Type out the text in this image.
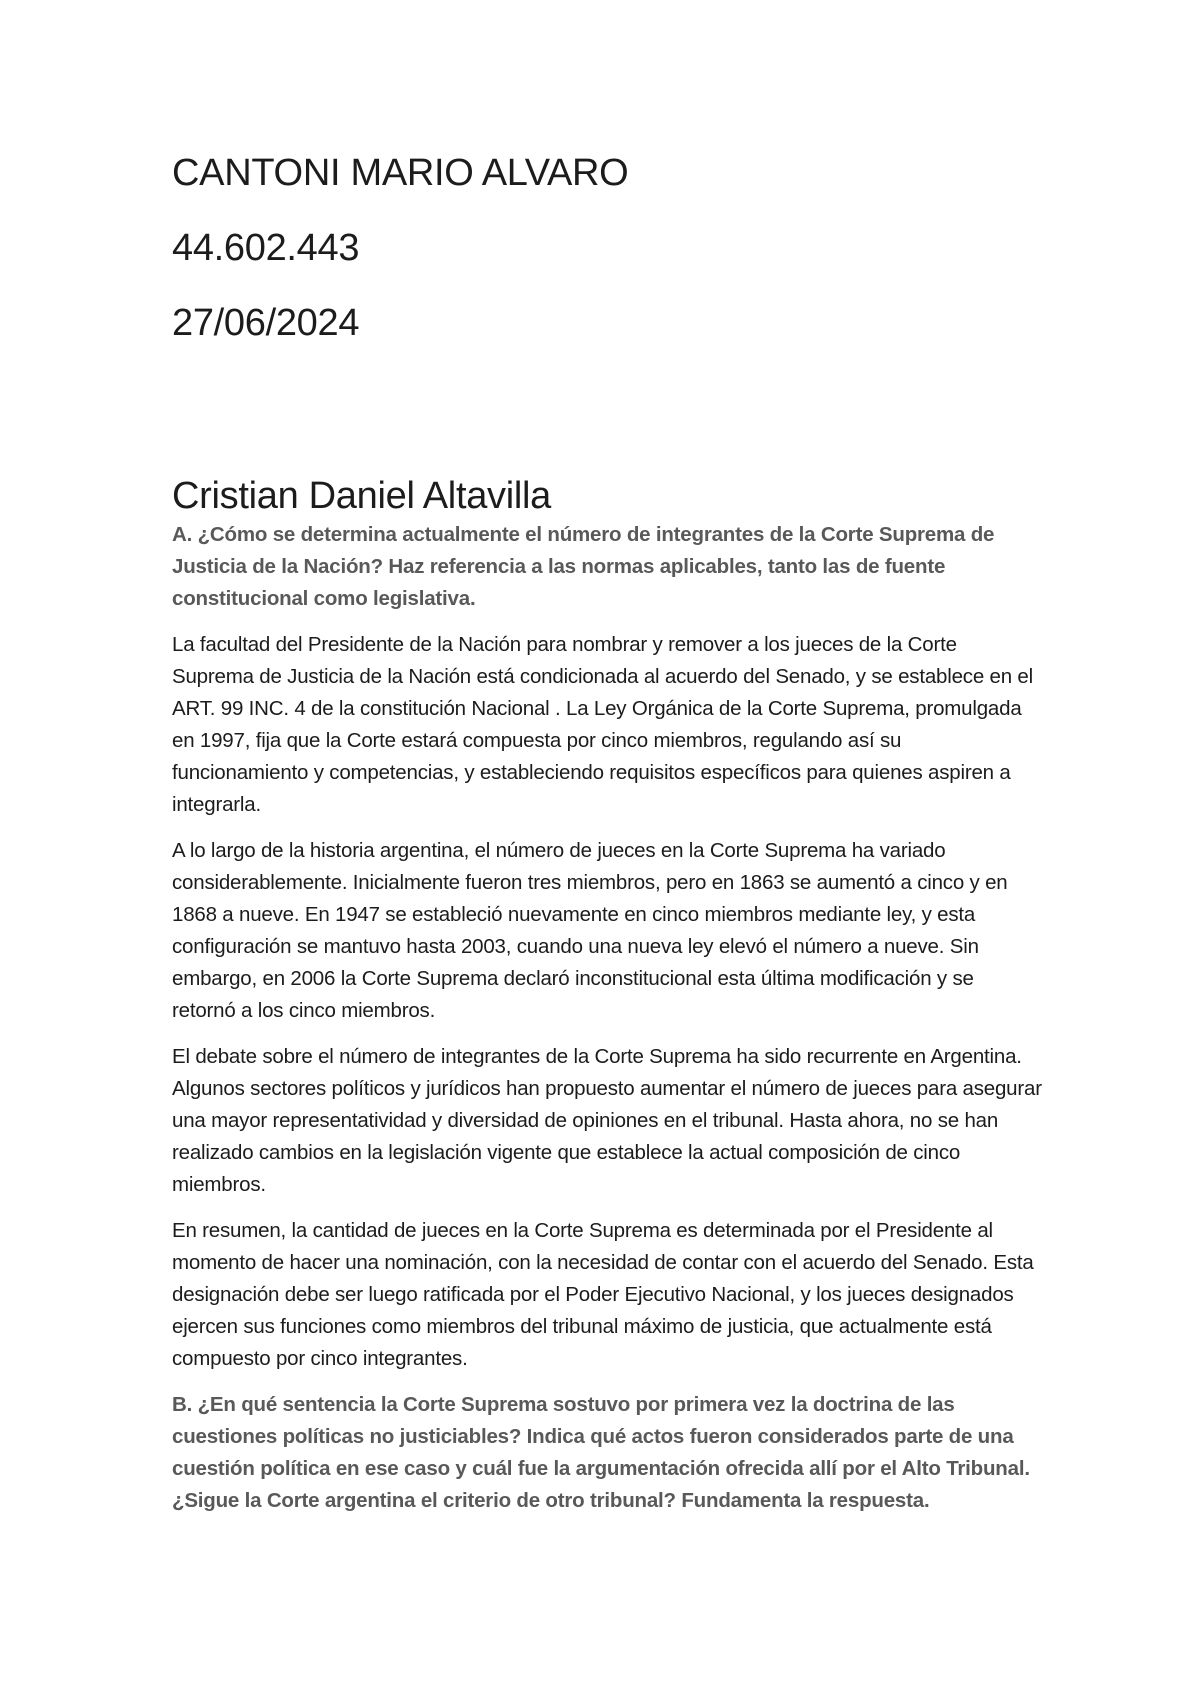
CANTONI MARIO ALVARO

44.602.443

27/06/2024

Cristian Daniel Altavilla

A. ¿Cómo se determina actualmente el número de integrantes de la Corte Suprema de Justicia de la Nación? Haz referencia a las normas aplicables, tanto las de fuente constitucional como legislativa.

La facultad del Presidente de la Nación para nombrar y remover a los jueces de la Corte Suprema de Justicia de la Nación está condicionada al acuerdo del Senado, y se establece en el ART. 99 INC. 4 de la constitución Nacional . La Ley Orgánica de la Corte Suprema, promulgada en 1997, fija que la Corte estará compuesta por cinco miembros, regulando así su funcionamiento y competencias, y estableciendo requisitos específicos para quienes aspiren a integrarla.

A lo largo de la historia argentina, el número de jueces en la Corte Suprema ha variado considerablemente. Inicialmente fueron tres miembros, pero en 1863 se aumentó a cinco y en 1868 a nueve. En 1947 se estableció nuevamente en cinco miembros mediante ley, y esta configuración se mantuvo hasta 2003, cuando una nueva ley elevó el número a nueve. Sin embargo, en 2006 la Corte Suprema declaró inconstitucional esta última modificación y se retornó a los cinco miembros.

El debate sobre el número de integrantes de la Corte Suprema ha sido recurrente en Argentina. Algunos sectores políticos y jurídicos han propuesto aumentar el número de jueces para asegurar una mayor representatividad y diversidad de opiniones en el tribunal. Hasta ahora, no se han realizado cambios en la legislación vigente que establece la actual composición de cinco miembros.

En resumen, la cantidad de jueces en la Corte Suprema es determinada por el Presidente al momento de hacer una nominación, con la necesidad de contar con el acuerdo del Senado. Esta designación debe ser luego ratificada por el Poder Ejecutivo Nacional, y los jueces designados ejercen sus funciones como miembros del tribunal máximo de justicia, que actualmente está compuesto por cinco integrantes.

B. ¿En qué sentencia la Corte Suprema sostuvo por primera vez la doctrina de las cuestiones políticas no justiciables? Indica qué actos fueron considerados parte de una cuestión política en ese caso y cuál fue la argumentación ofrecida allí por el Alto Tribunal. ¿Sigue la Corte argentina el criterio de otro tribunal? Fundamenta la respuesta.
